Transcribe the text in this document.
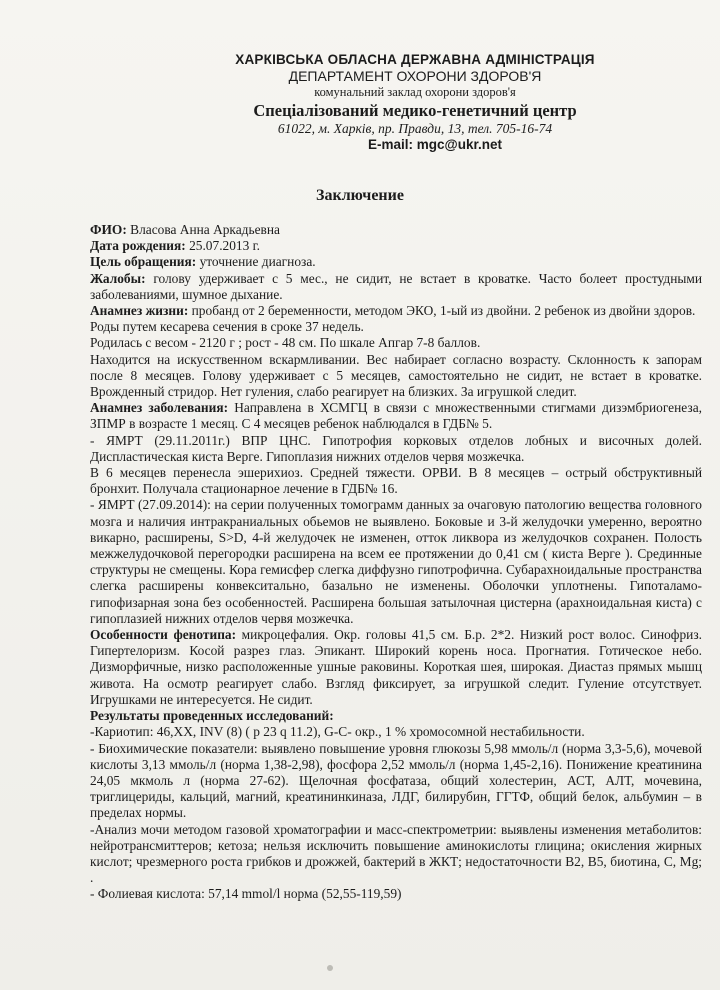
ХАРКІВСЬКА ОБЛАСНА ДЕРЖАВНА АДМІНІСТРАЦІЯ
ДЕПАРТАМЕНТ ОХОРОНИ ЗДОРОВ'Я
комунальний заклад охорони здоров'я
Спеціалізований медико-генетичний центр
61022, м. Харків, пр. Правди, 13, тел. 705-16-74
E-mail: mgc@ukr.net
Заключение

ФИО: Власова Анна Аркадьевна

Дата рождения: 25.07.2013 г.

Цель обращения: уточнение диагноза.

Жалобы: голову удерживает с 5 мес., не сидит, не встает в кроватке. Часто болеет простудными заболеваниями, шумное дыхание.

Анамнез жизни: пробанд от 2 беременности, методом ЭКО, 1-ый из двойни. 2 ребенок из двойни здоров.

Роды путем кесарева сечения в сроке 37 недель.

Родилась с весом - 2120 г ; рост - 48 см. По шкале Апгар 7-8 баллов.

Находится на искусственном вскармливании. Вес набирает согласно возрасту. Склонность к запорам после 8 месяцев. Голову удерживает с 5 месяцев, самостоятельно не сидит, не встает в кроватке. Врожденный стридор. Нет гуления, слабо реагирует на близких. За игрушкой следит.

Анамнез заболевания: Направлена в ХСМГЦ в связи с множественными стигмами дизэмбриогенеза, ЗПМР в возрасте 1 месяц. С 4 месяцев ребенок наблюдался в ГДБ№ 5.

- ЯМРТ (29.11.2011г.) ВПР ЦНС. Гипотрофия корковых отделов лобных и височных долей. Диспластическая киста Верге. Гипоплазия нижних отделов червя мозжечка.

В 6 месяцев перенесла эшерихиоз. Средней тяжести. ОРВИ. В 8 месяцев – острый обструктивный бронхит. Получала стационарное лечение в ГДБ№ 16.

- ЯМРТ (27.09.2014): на серии полученных томограмм данных за очаговую патологию вещества головного мозга и наличия интракраниальных обьемов не выявлено. Боковые и 3-й желудочки умеренно, вероятно викарно, расширены, S>D, 4-й желудочек не изменен, отток ликвора из желудочков сохранен. Полость межжелудочковой перегородки расширена на всем ее протяжении до 0,41 см ( киста Верге ). Срединные структуры не смещены. Кора гемисфер слегка диффузно гипотрофична. Субарахноидальные пространства слегка расширены конвекситально, базально не изменены. Оболочки уплотнены. Гипоталамо-гипофизарная зона без особенностей. Расширена большая затылочная цистерна (арахноидальная киста) с гипоплазией нижних отделов червя мозжечка.

Особенности фенотипа: микроцефалия. Окр. головы 41,5 см. Б.р. 2*2. Низкий рост волос. Синофриз. Гипертелоризм. Косой разрез глаз. Эпикант. Широкий корень носа. Прогнатия. Готическое небо. Дизморфичные, низко расположенные ушные раковины. Короткая шея, широкая. Диастаз прямых мышц живота. На осмотр реагирует слабо. Взгляд фиксирует, за игрушкой следит. Гуление отсутствует. Игрушками не интересуется. Не сидит.

Результаты проведенных исследований:

-Кариотип: 46,XX, INV (8) ( р 23 q 11.2), G-C- окр., 1 % хромосомной нестабильности.

- Биохимические показатели: выявлено повышение уровня глюкозы 5,98 ммоль/л (норма 3,3-5,6), мочевой кислоты 3,13 ммоль/л (норма 1,38-2,98), фосфора 2,52 ммоль/л (норма 1,45-2,16). Понижение креатинина 24,05 мкмоль л (норма 27-62). Щелочная фосфатаза, общий холестерин, АСТ, АЛТ, мочевина, триглицериды, кальций, магний, креатининкиназа, ЛДГ, билирубин, ГГТФ, общий белок, альбумин – в пределах нормы.

-Анализ мочи методом газовой хроматографии и масс-спектрометрии: выявлены изменения метаболитов: нейротрансмиттеров; кетоза; нельзя исключить повышение аминокислоты глицина; окисления жирных кислот; чрезмерного роста грибков и дрожжей, бактерий в ЖКТ; недостаточности B2, B5, биотина, С, Mg; .

- Фолиевая кислота: 57,14 mmol/l норма (52,55-119,59)
